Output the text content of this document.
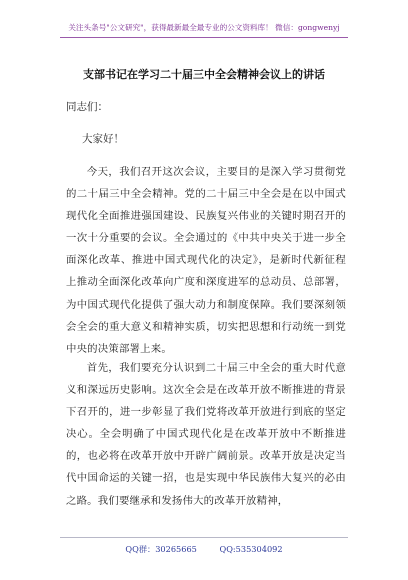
关注头条号"公文研究"，获得最新最全最专业的公文资料库！ 微信：gongwenyj
支部书记在学习二十届三中全会精神会议上的讲话
同志们：
大家好！

今天，我们召开这次会议，主要目的是深入学习贯彻党的二十届三中全会精神。党的二十届三中全会是在以中国式现代化全面推进强国建设、民族复兴伟业的关键时期召开的一次十分重要的会议。全会通过的《中共中央关于进一步全面深化改革、推进中国式现代化的决定》，是新时代新征程上推动全面深化改革向广度和深度进军的总动员、总部署，为中国式现代化提供了强大动力和制度保障。我们要深刻领会全会的重大意义和精神实质，切实把思想和行动统一到党中央的决策部署上来。

首先，我们要充分认识到二十届三中全会的重大时代意义和深远历史影响。这次全会是在改革开放不断推进的背景下召开的，进一步彰显了我们党将改革开放进行到底的坚定决心。全会明确了中国式现代化是在改革开放中不断推进的，也必将在改革开放中开辟广阔前景。改革开放是决定当代中国命运的关键一招，也是实现中华民族伟大复兴的必由之路。我们要继承和发扬伟大的改革开放精神，

QQ群：30265665	QQ:535304092
